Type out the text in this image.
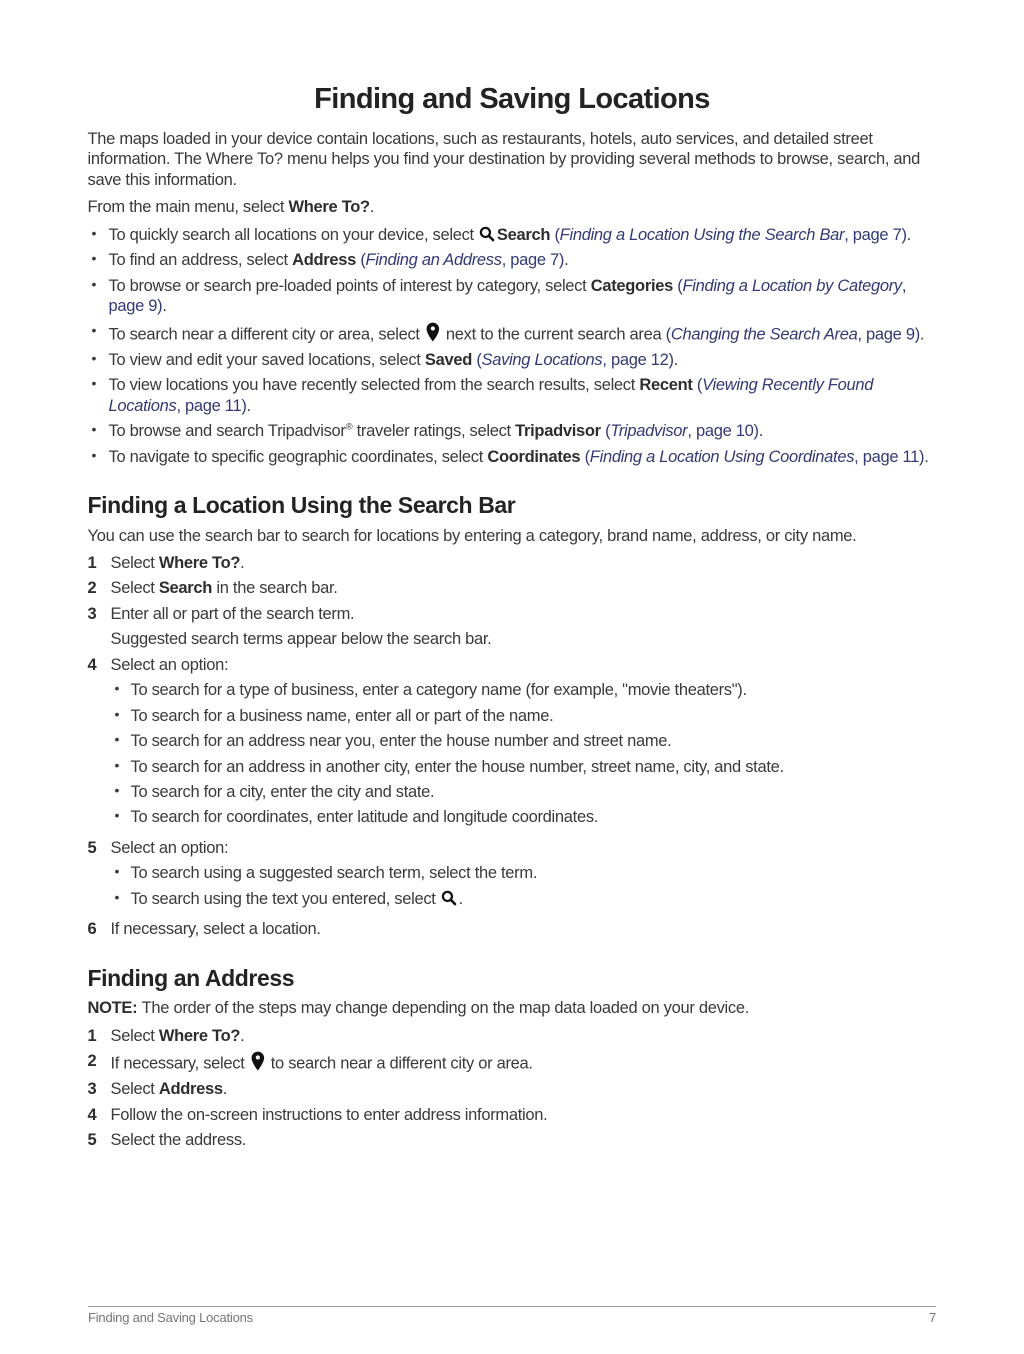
Finding and Saving Locations

The maps loaded in your device contain locations, such as restaurants, hotels, auto services, and detailed street information. The Where To? menu helps you find your destination by providing several methods to browse, search, and save this information.

From the main menu, select Where To?.

• To quickly search all locations on your device, select Search (Finding a Location Using the Search Bar, page 7).
• To find an address, select Address (Finding an Address, page 7).
• To browse or search pre-loaded points of interest by category, select Categories (Finding a Location by Category, page 9).
• To search near a different city or area, select  next to the current search area (Changing the Search Area, page 9).
• To view and edit your saved locations, select Saved (Saving Locations, page 12).
• To view locations you have recently selected from the search results, select Recent (Viewing Recently Found Locations, page 11).
• To browse and search Tripadvisor® traveler ratings, select Tripadvisor (Tripadvisor, page 10).
• To navigate to specific geographic coordinates, select Coordinates (Finding a Location Using Coordinates, page 11).
Finding a Location Using the Search Bar

You can use the search bar to search for locations by entering a category, brand name, address, or city name.

1 Select Where To?.
2 Select Search in the search bar.
3 Enter all or part of the search term.

Suggested search terms appear below the search bar.

4 Select an option:
• To search for a type of business, enter a category name (for example, "movie theaters").
• To search for a business name, enter all or part of the name.
• To search for an address near you, enter the house number and street name.
• To search for an address in another city, enter the house number, street name, city, and state.
• To search for a city, enter the city and state.
• To search for coordinates, enter latitude and longitude coordinates.
5 Select an option:
• To search using a suggested search term, select the term.
• To search using the text you entered, select .
6 If necessary, select a location.
Finding an Address

NOTE: The order of the steps may change depending on the map data loaded on your device.

1 Select Where To?.
2 If necessary, select  to search near a different city or area.
3 Select Address.
4 Follow the on-screen instructions to enter address information.
5 Select the address.
Finding and Saving Locations	7
